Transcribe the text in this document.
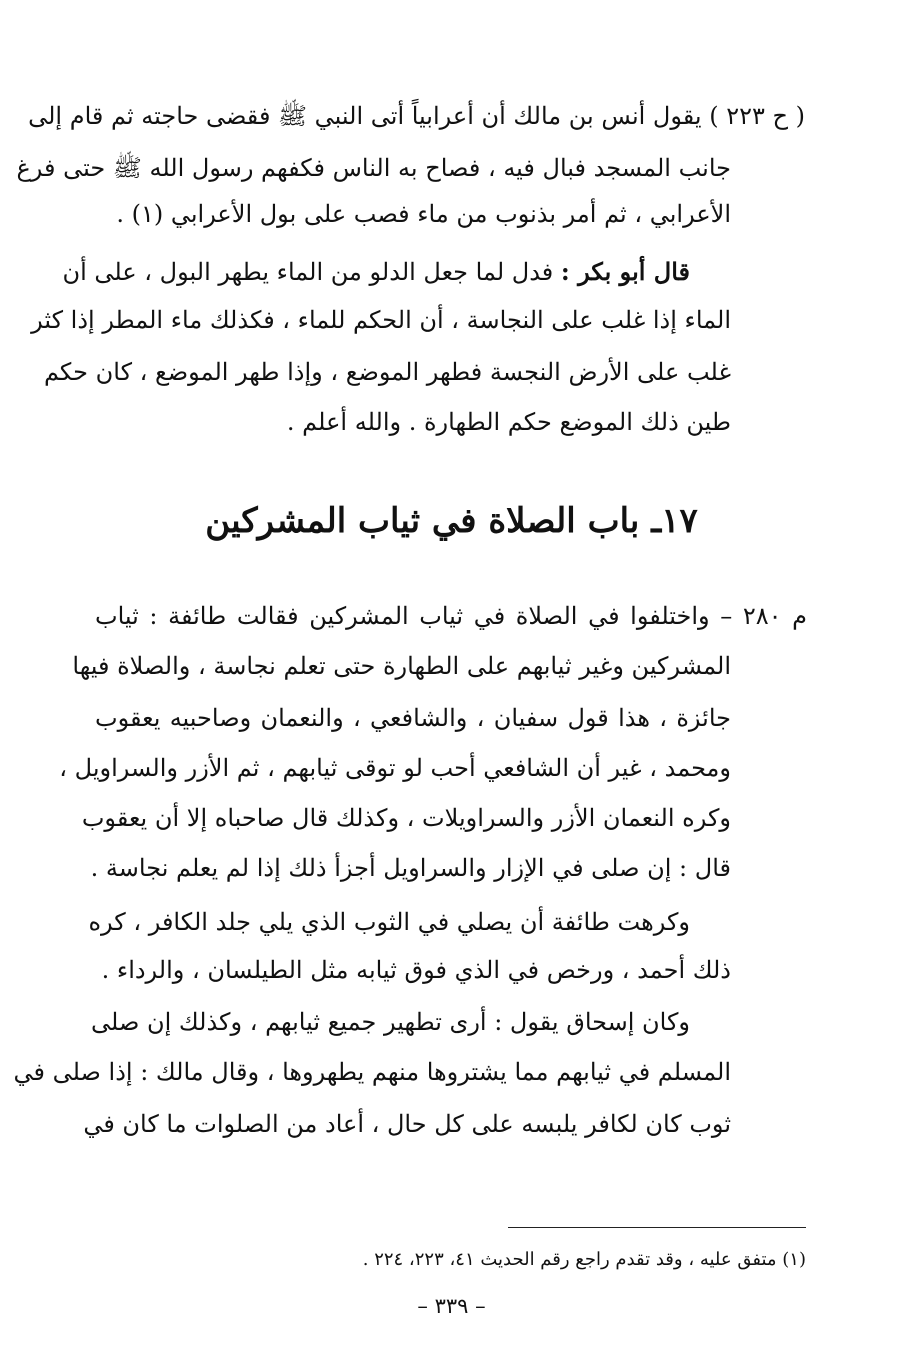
( ح ٢٢٣ ) يقول أنس بن مالك أن أعرابياً أتى النبي ﷺ فقضى حاجته ثم قام إلى
جانب المسجد فبال فيه ، فصاح به الناس فكفهم رسول الله ﷺ حتى فرغ
الأعرابي ، ثم أمر بذنوب من ماء فصب على بول الأعرابي (١) .
قال أبو بكر : فدل لما جعل الدلو من الماء يطهر البول ، على أن
الماء إذا غلب على النجاسة ، أن الحكم للماء ، فكذلك ماء المطر إذا كثر
غلب على الأرض النجسة فطهر الموضع ، وإذا طهر الموضع ، كان حكم
طين ذلك الموضع حكم الطهارة . والله أعلم .
١٧ـ باب الصلاة في ثياب المشركين
م ٢٨٠ – واختلفوا في الصلاة في ثياب المشركين فقالت طائفة : ثياب
المشركين وغير ثيابهم على الطهارة حتى تعلم نجاسة ، والصلاة فيها
جائزة ، هذا قول سفيان ، والشافعي ، والنعمان وصاحبيه يعقوب
ومحمد ، غير أن الشافعي أحب لو توقى ثيابهم ، ثم الأزر والسراويل ،
وكره النعمان الأزر والسراويلات ، وكذلك قال صاحباه إلا أن يعقوب
قال : إن صلى في الإزار والسراويل أجزأ ذلك إذا لم يعلم نجاسة .
وكرهت طائفة أن يصلي في الثوب الذي يلي جلد الكافر ، كره
ذلك أحمد ، ورخص في الذي فوق ثيابه مثل الطيلسان ، والرداء .
وكان إسحاق يقول : أرى تطهير جميع ثيابهم ، وكذلك إن صلى
المسلم في ثيابهم مما يشتروها منهم يطهروها ، وقال مالك : إذا صلى في
ثوب كان لكافر يلبسه على كل حال ، أعاد من الصلوات ما كان في
(١) متفق عليه ، وقد تقدم راجع رقم الحديث ٤١، ٢٢٣، ٢٢٤ .
– ٣٣٩ –
